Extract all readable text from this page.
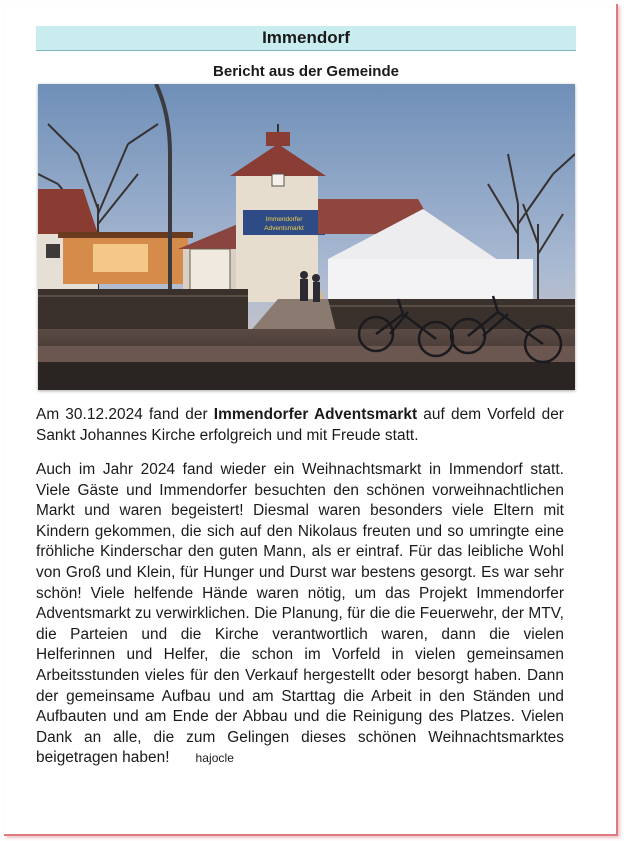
Immendorf
Bericht aus der Gemeinde
Immendorfer
Adventsmarkt
Am 30.12.2024 fand der Immendorfer Adventsmarkt auf dem Vorfeld der Sankt Johannes Kirche erfolgreich und mit Freude statt.
Auch im Jahr 2024 fand wieder ein Weihnachtsmarkt in Immendorf statt. Viele Gäste und Immendorfer besuchten den schönen vorweihnachtlichen Markt und waren begeistert! Diesmal waren besonders viele Eltern mit Kindern gekommen, die sich auf den Nikolaus freuten und so umringte eine fröhliche Kinderschar den guten Mann, als er eintraf. Für das leibliche Wohl von Groß und Klein, für Hunger und Durst war bestens gesorgt. Es war sehr schön! Viele helfende Hände waren nötig, um das Projekt Immendorfer Adventsmarkt zu verwirklichen. Die Planung, für die die Feuerwehr, der MTV, die Parteien und die Kirche verantwortlich waren, dann die vielen Helferinnen und Helfer, die schon im Vorfeld in vielen gemeinsamen Arbeitsstunden vieles für den Verkauf hergestellt oder besorgt haben. Dann der gemeinsame Aufbau und am Starttag die Arbeit in den Ständen und Aufbauten und am Ende der Abbau und die Reinigung des Platzes. Vielen Dank an alle, die zum Gelingen dieses schönen Weihnachtsmarktes beigetragen haben! hajocle
